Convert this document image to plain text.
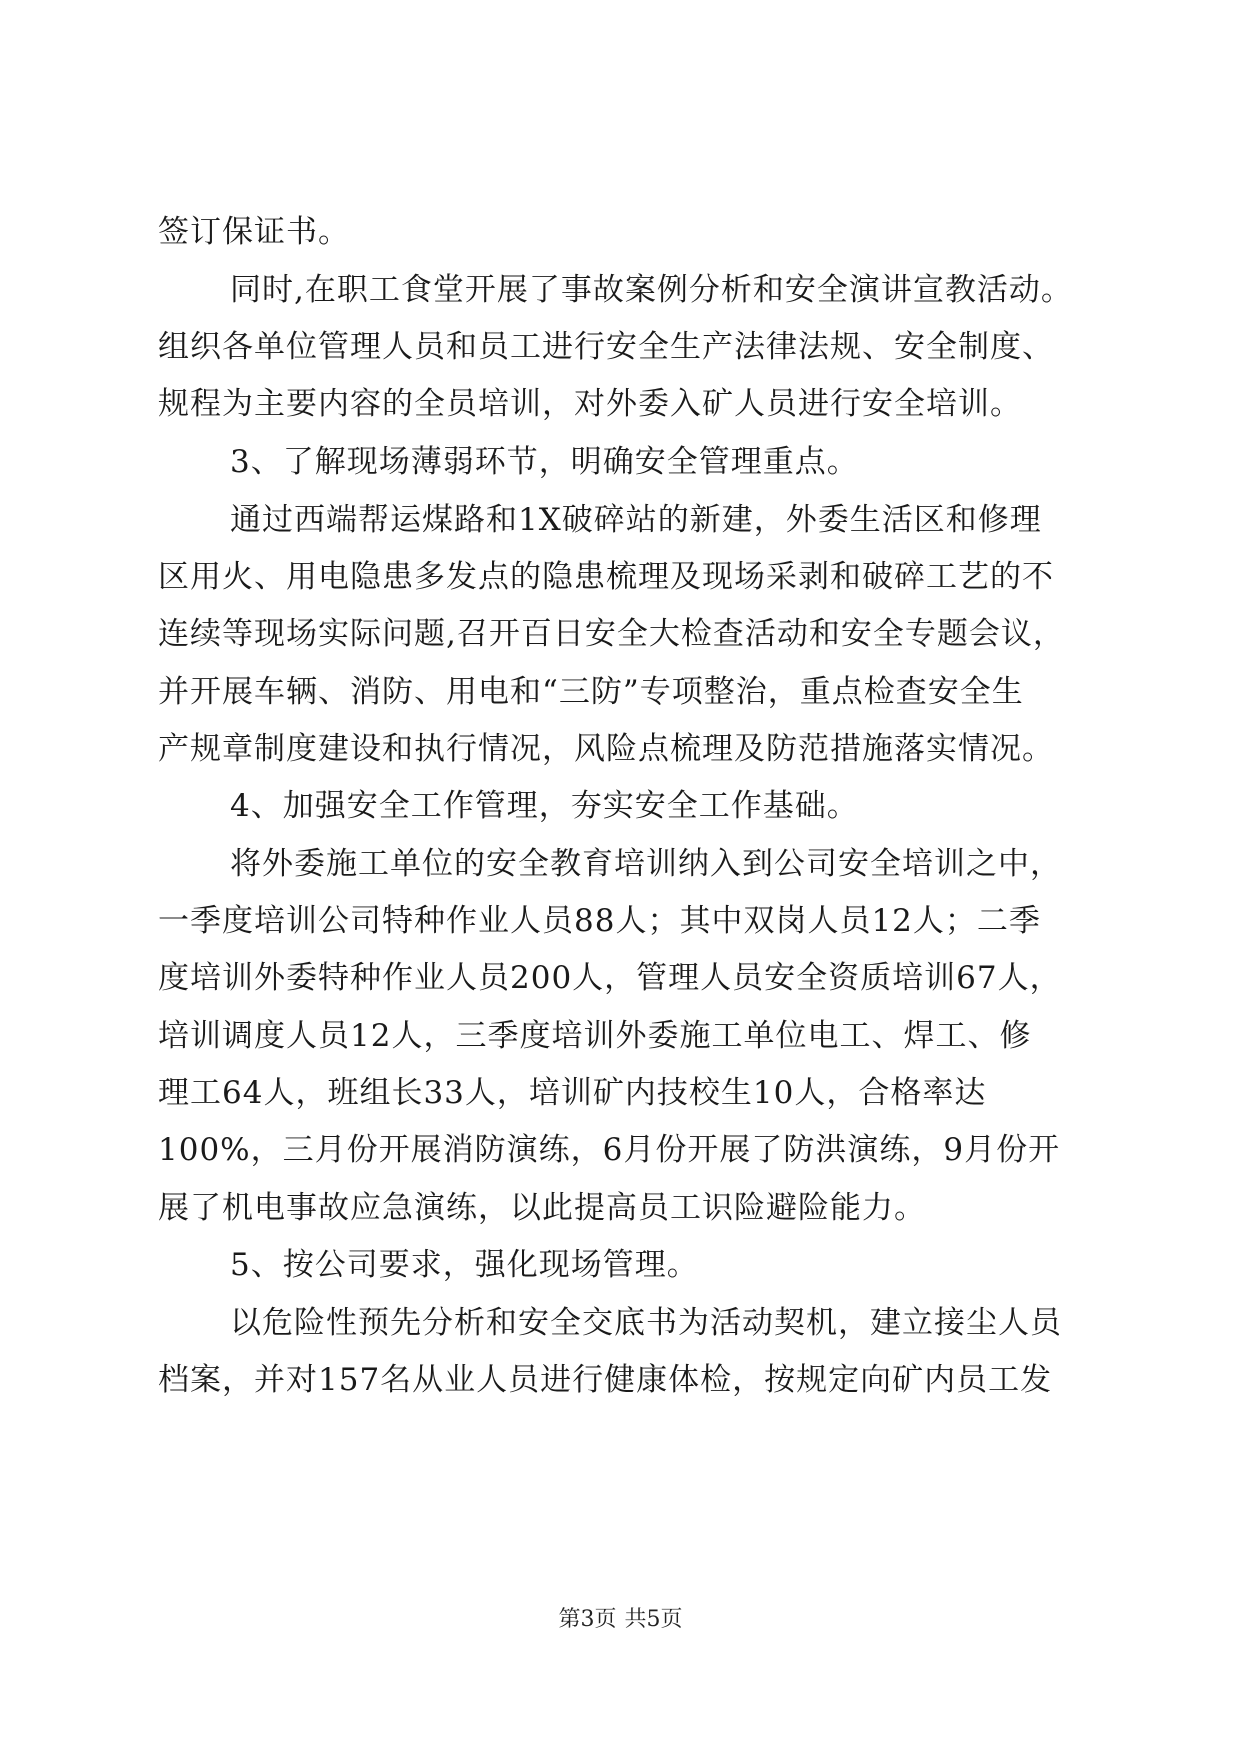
签订保证书。
同时,在职工食堂开展了事故案例分析和安全演讲宣教活动。
组织各单位管理人员和员工进行安全生产法律法规、安全制度、
规程为主要内容的全员培训，对外委入矿人员进行安全培训。
3、了解现场薄弱环节，明确安全管理重点。
通过西端帮运煤路和1X破碎站的新建，外委生活区和修理
区用火、用电隐患多发点的隐患梳理及现场采剥和破碎工艺的不
连续等现场实际问题,召开百日安全大检查活动和安全专题会议，
并开展车辆、消防、用电和“三防”专项整治，重点检查安全生
产规章制度建设和执行情况，风险点梳理及防范措施落实情况。
4、加强安全工作管理，夯实安全工作基础。
将外委施工单位的安全教育培训纳入到公司安全培训之中，
一季度培训公司特种作业人员88人；其中双岗人员12人；二季
度培训外委特种作业人员200人，管理人员安全资质培训67人，
培训调度人员12人，三季度培训外委施工单位电工、焊工、修
理工64人，班组长33人，培训矿内技校生10人，合格率达
100%，三月份开展消防演练，6月份开展了防洪演练，9月份开
展了机电事故应急演练，以此提高员工识险避险能力。
5、按公司要求，强化现场管理。
以危险性预先分析和安全交底书为活动契机，建立接尘人员
档案，并对157名从业人员进行健康体检，按规定向矿内员工发
第3页 共5页
